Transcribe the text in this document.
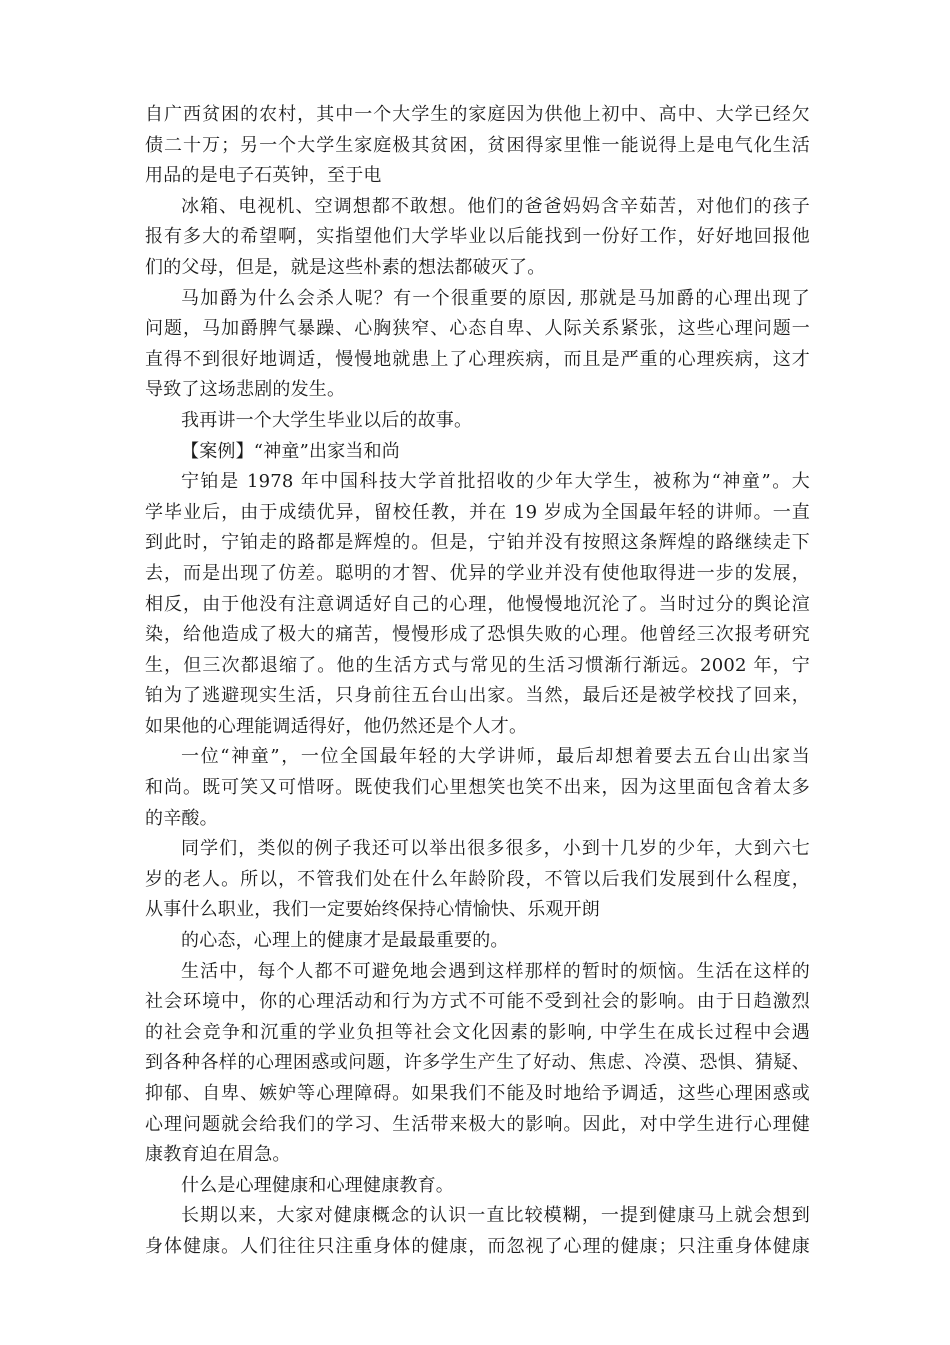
自广西贫困的农村，其中一个大学生的家庭因为供他上初中、高中、大学已经欠
债二十万；另一个大学生家庭极其贫困，贫困得家里惟一能说得上是电气化生活
用品的是电子石英钟，至于电
冰箱、电视机、空调想都不敢想。他们的爸爸妈妈含辛茹苦，对他们的孩子
报有多大的希望啊，实指望他们大学毕业以后能找到一份好工作，好好地回报他
们的父母，但是，就是这些朴素的想法都破灭了。
马加爵为什么会杀人呢？有一个很重要的原因, 那就是马加爵的心理出现了
问题，马加爵脾气暴躁、心胸狭窄、心态自卑、人际关系紧张，这些心理问题一
直得不到很好地调适，慢慢地就患上了心理疾病，而且是严重的心理疾病，这才
导致了这场悲剧的发生。
我再讲一个大学生毕业以后的故事。
【案例】“神童”出家当和尚
宁铂是 1978 年中国科技大学首批招收的少年大学生，被称为“神童”。大
学毕业后，由于成绩优异，留校任教，并在 19 岁成为全国最年轻的讲师。一直
到此时，宁铂走的路都是辉煌的。但是，宁铂并没有按照这条辉煌的路继续走下
去，而是出现了仿差。聪明的才智、优异的学业并没有使他取得进一步的发展，
相反，由于他没有注意调适好自己的心理，他慢慢地沉沦了。当时过分的舆论渲
染，给他造成了极大的痛苦，慢慢形成了恐惧失败的心理。他曾经三次报考研究
生，但三次都退缩了。他的生活方式与常见的生活习惯渐行渐远。2002 年，宁
铂为了逃避现实生活，只身前往五台山出家。当然，最后还是被学校找了回来，
如果他的心理能调适得好，他仍然还是个人才。
一位“神童”，一位全国最年轻的大学讲师，最后却想着要去五台山出家当
和尚。既可笑又可惜呀。既使我们心里想笑也笑不出来，因为这里面包含着太多
的辛酸。
同学们，类似的例子我还可以举出很多很多，小到十几岁的少年，大到六七
岁的老人。所以，不管我们处在什么年龄阶段，不管以后我们发展到什么程度，
从事什么职业，我们一定要始终保持心情愉快、乐观开朗
的心态，心理上的健康才是最最重要的。
生活中，每个人都不可避免地会遇到这样那样的暂时的烦恼。生活在这样的
社会环境中，你的心理活动和行为方式不可能不受到社会的影响。由于日趋激烈
的社会竞争和沉重的学业负担等社会文化因素的影响, 中学生在成长过程中会遇
到各种各样的心理困惑或问题，许多学生产生了好动、焦虑、冷漠、恐惧、猜疑、
抑郁、自卑、嫉妒等心理障碍。如果我们不能及时地给予调适，这些心理困惑或
心理问题就会给我们的学习、生活带来极大的影响。因此，对中学生进行心理健
康教育迫在眉急。
什么是心理健康和心理健康教育。
长期以来，大家对健康概念的认识一直比较模糊，一提到健康马上就会想到
身体健康。人们往往只注重身体的健康，而忽视了心理的健康；只注重身体健康
